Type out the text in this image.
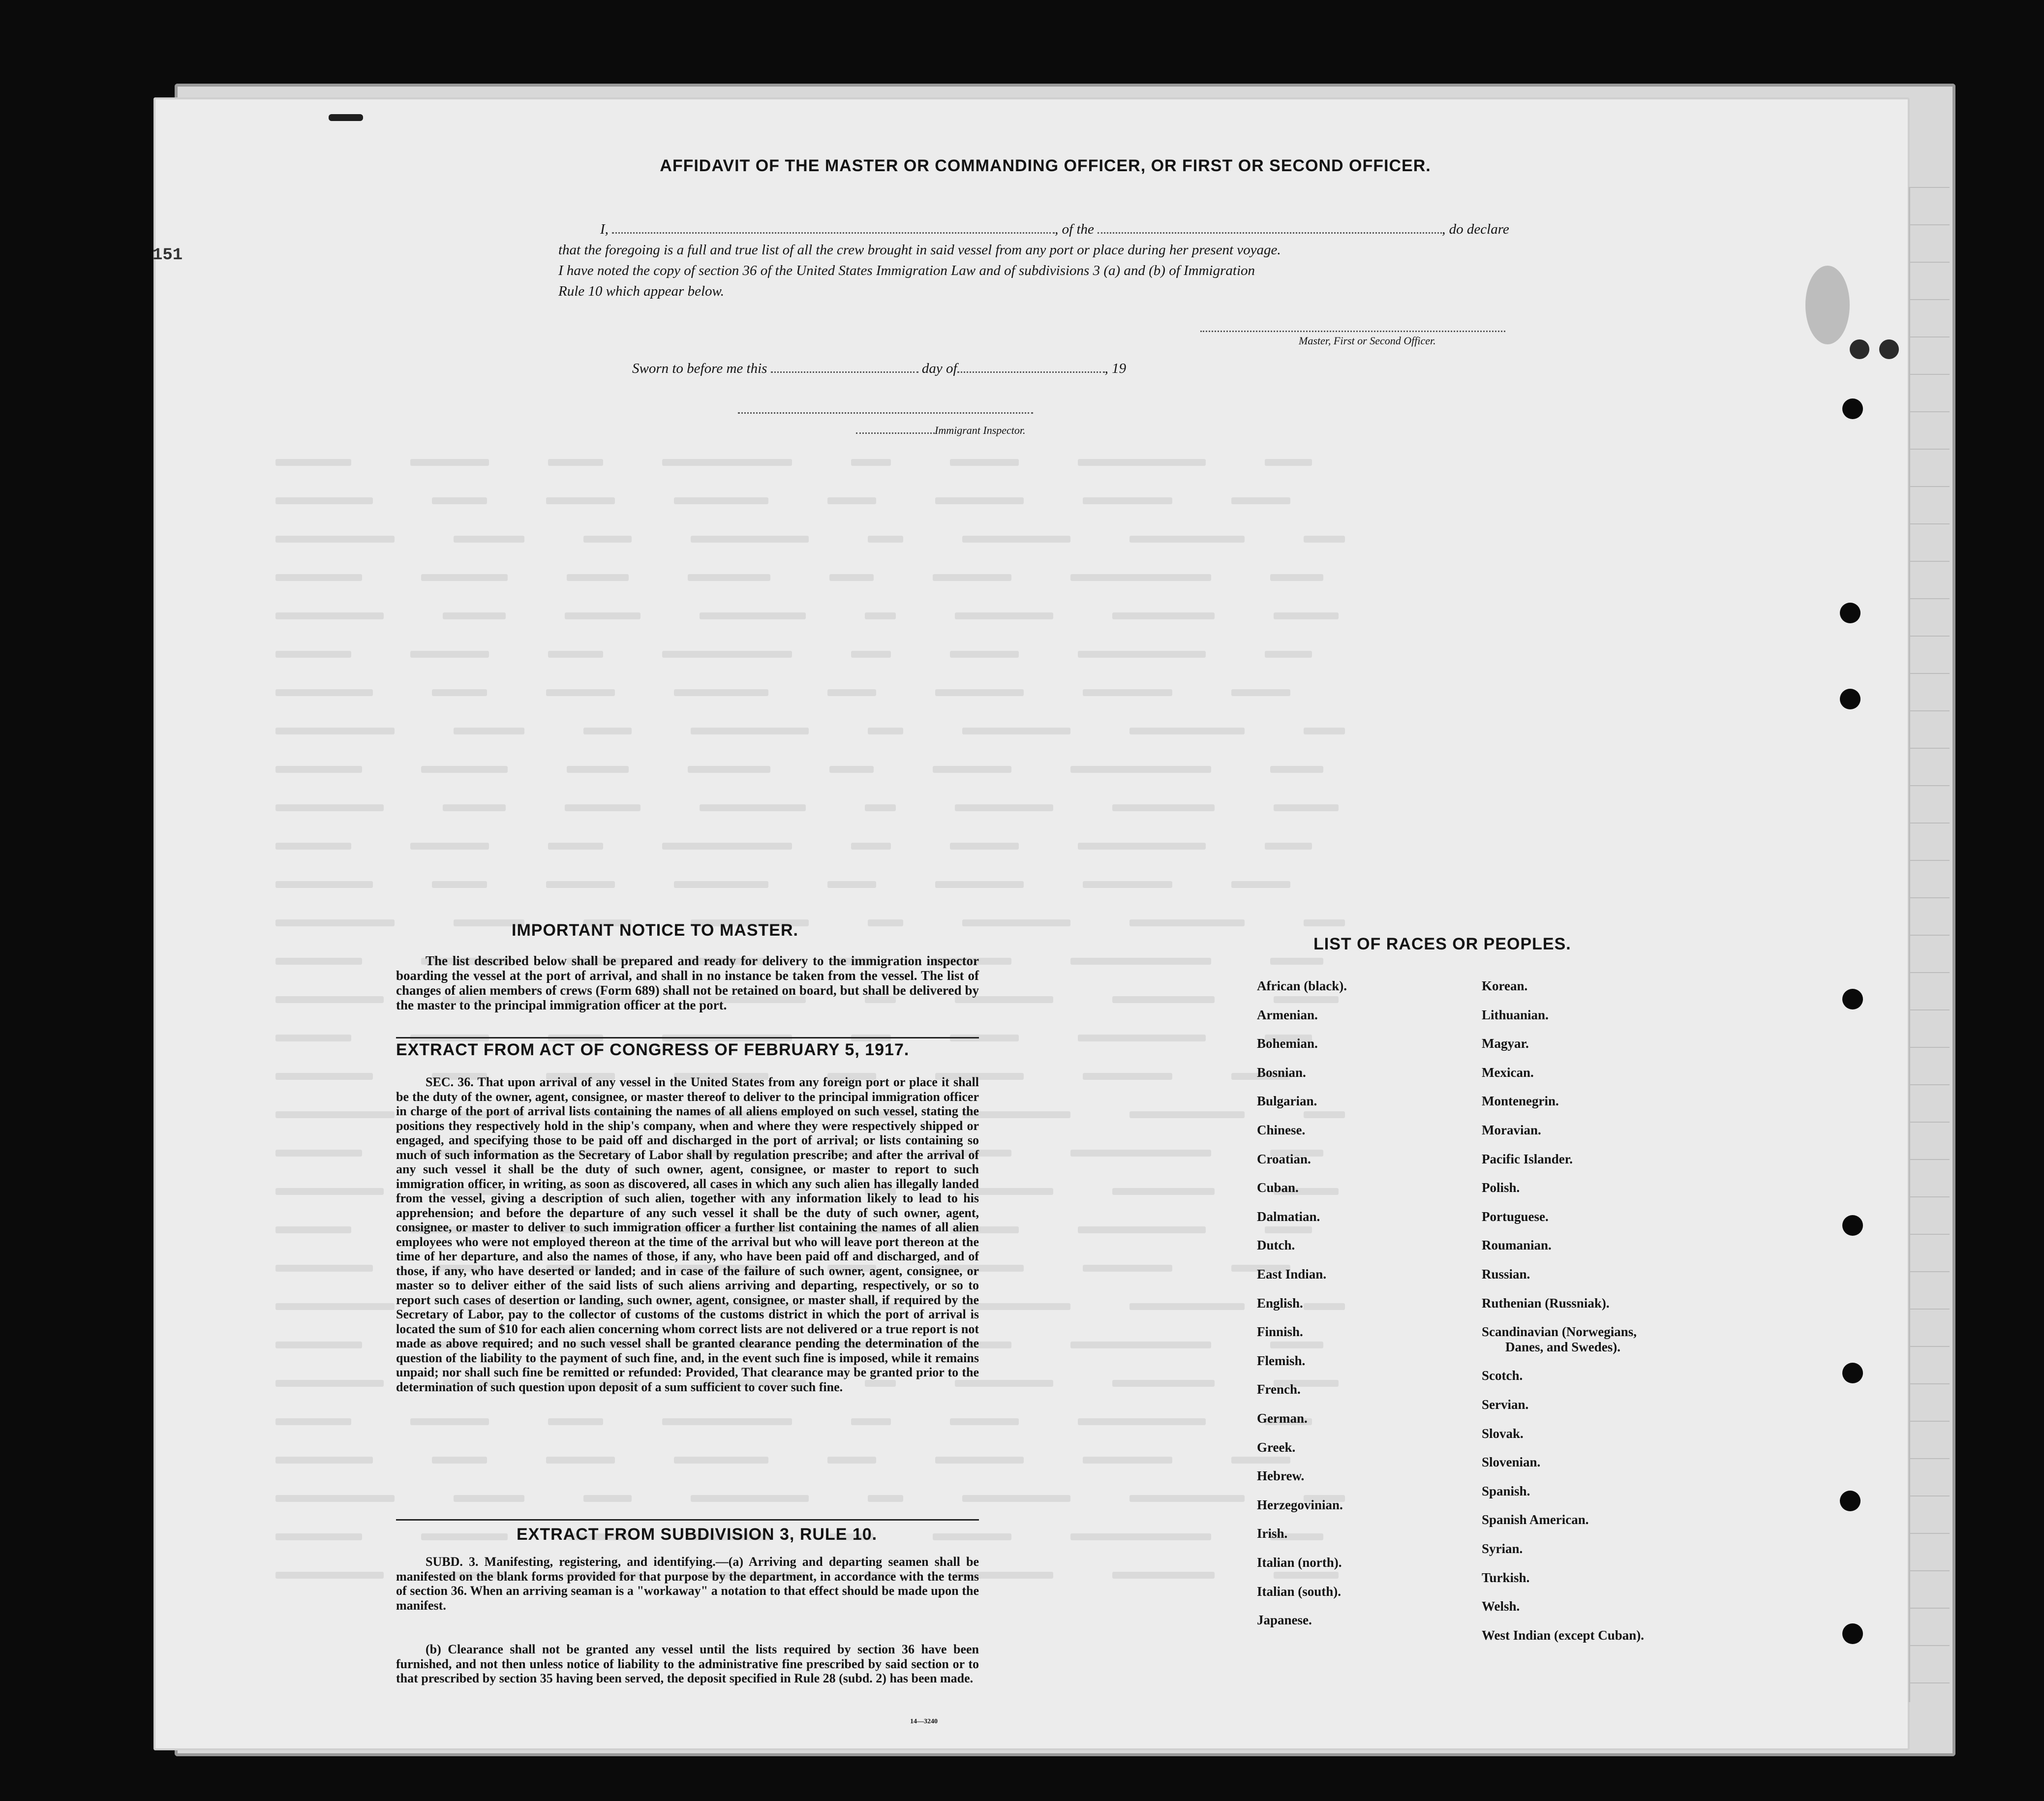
151
AFFIDAVIT OF THE MASTER OR COMMANDING OFFICER, OR FIRST OR SECOND OFFICER.
I,	, of the	, do declare
that the foregoing is a full and true list of all the crew brought in said vessel from any port or place during her present voyage.
I have noted the copy of section 36 of the United States Immigration Law and of subdivisions 3 (a) and (b) of Immigration
Rule 10 which appear below.
Master, First or Second Officer.
Sworn to before me this	day of	, 19
Immigrant Inspector.
IMPORTANT NOTICE TO MASTER.
The list described below shall be prepared and ready for delivery to the immigration inspector boarding the vessel at the port of arrival, and shall in no instance be taken from the vessel. The list of changes of alien members of crews (Form 689) shall not be retained on board, but shall be delivered by the master to the principal immigration officer at the port.
EXTRACT FROM ACT OF CONGRESS OF FEBRUARY 5, 1917.
SEC. 36. That upon arrival of any vessel in the United States from any foreign port or place it shall be the duty of the owner, agent, consignee, or master thereof to deliver to the principal immigration officer in charge of the port of arrival lists containing the names of all aliens employed on such vessel, stating the positions they respectively hold in the ship's company, when and where they were respectively shipped or engaged, and specifying those to be paid off and discharged in the port of arrival; or lists containing so much of such information as the Secretary of Labor shall by regulation prescribe; and after the arrival of any such vessel it shall be the duty of such owner, agent, consignee, or master to report to such immigration officer, in writing, as soon as discovered, all cases in which any such alien has illegally landed from the vessel, giving a description of such alien, together with any information likely to lead to his apprehension; and before the departure of any such vessel it shall be the duty of such owner, agent, consignee, or master to deliver to such immigration officer a further list containing the names of all alien employees who were not employed thereon at the time of the arrival but who will leave port thereon at the time of her departure, and also the names of those, if any, who have been paid off and discharged, and of those, if any, who have deserted or landed; and in case of the failure of such owner, agent, consignee, or master so to deliver either of the said lists of such aliens arriving and departing, respectively, or so to report such cases of desertion or landing, such owner, agent, consignee, or master shall, if required by the Secretary of Labor, pay to the collector of customs of the customs district in which the port of arrival is located the sum of $10 for each alien concerning whom correct lists are not delivered or a true report is not made as above required; and no such vessel shall be granted clearance pending the determination of the question of the liability to the payment of such fine, and, in the event such fine is imposed, while it remains unpaid; nor shall such fine be remitted or refunded: Provided, That clearance may be granted prior to the determination of such question upon deposit of a sum sufficient to cover such fine.
EXTRACT FROM SUBDIVISION 3, RULE 10.
SUBD. 3. Manifesting, registering, and identifying.—(a) Arriving and departing seamen shall be manifested on the blank forms provided for that purpose by the department, in accordance with the terms of section 36. When an arriving seaman is a "workaway" a notation to that effect should be made upon the manifest.
(b) Clearance shall not be granted any vessel until the lists required by section 36 have been furnished, and not then unless notice of liability to the administrative fine prescribed by said section or to that prescribed by section 35 having been served, the deposit specified in Rule 28 (subd. 2) has been made.
14—3240
LIST OF RACES OR PEOPLES.
African (black).
Armenian.
Bohemian.
Bosnian.
Bulgarian.
Chinese.
Croatian.
Cuban.
Dalmatian.
Dutch.
East Indian.
English.
Finnish.
Flemish.
French.
German.
Greek.
Hebrew.
Herzegovinian.
Irish.
Italian (north).
Italian (south).
Japanese.
Korean.
Lithuanian.
Magyar.
Mexican.
Montenegrin.
Moravian.
Pacific Islander.
Polish.
Portuguese.
Roumanian.
Russian.
Ruthenian (Russniak).
Scandinavian (Norwegians,
Danes, and Swedes).
Scotch.
Servian.
Slovak.
Slovenian.
Spanish.
Spanish American.
Syrian.
Turkish.
Welsh.
West Indian (except Cuban).
